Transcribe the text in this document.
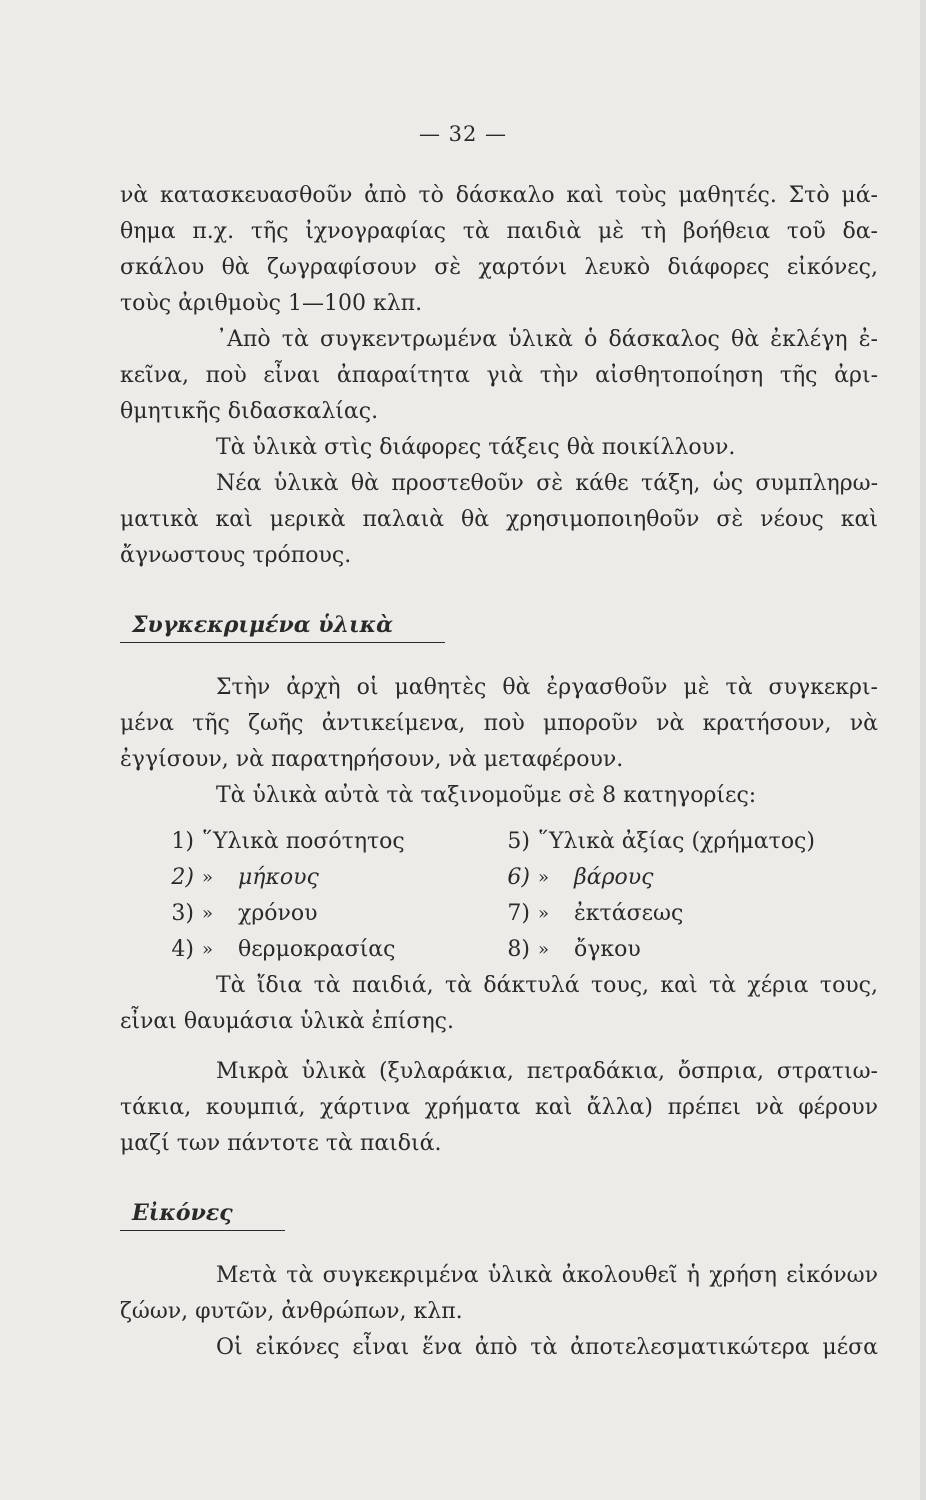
— 32 —

νὰ κατασκευασθοῦν ἀπὸ τὸ δάσκαλο καὶ τοὺς μαθητές. Στὸ μά-

θημα π.χ. τῆς ἰχνογραφίας τὰ παιδιὰ μὲ τὴ βοήθεια τοῦ δα-

σκάλου θὰ ζωγραφίσουν σὲ χαρτόνι λευκὸ διάφορες εἰκόνες,

τοὺς ἀριθμοὺς 1—100 κλπ.

᾿Απὸ τὰ συγκεντρωμένα ὑλικὰ ὁ δάσκαλος θὰ ἐκλέγη ἐ-

κεῖνα, ποὺ εἶναι ἀπαραίτητα γιὰ τὴν αἰσθητοποίηση τῆς ἀρι-

θμητικῆς διδασκαλίας.

Τὰ ὑλικὰ στὶς διάφορες τάξεις θὰ ποικίλλουν.

Νέα ὑλικὰ θὰ προστεθοῦν σὲ κάθε τάξη, ὡς συμπληρω-

ματικὰ καὶ μερικὰ παλαιὰ θὰ χρησιμοποιηθοῦν σὲ νέους καὶ

ἄγνωστους τρόπους.

Συγκεκριμένα ὑλικὰ

Στὴν ἀρχὴ οἱ μαθητὲς θὰ ἐργασθοῦν μὲ τὰ συγκεκρι-

μένα τῆς ζωῆς ἀντικείμενα, ποὺ μποροῦν νὰ κρατήσουν, νὰ

ἐγγίσουν, νὰ παρατηρήσουν, νὰ μεταφέρουν.

Τὰ ὑλικὰ αὐτὰ τὰ ταξινομοῦμε σὲ 8 κατηγορίες:

1) ῞Υλικὰ ποσότητος	5) ῞Υλικὰ ἀξίας (χρήματος)
2) »	μήκους	6) »	βάρους
3) »	χρόνου	7) »	ἐκτάσεως
4) »	θερμοκρασίας	8) »	ὄγκου

Τὰ ἴδια τὰ παιδιά, τὰ δάκτυλά τους, καὶ τὰ χέρια τους,

εἶναι θαυμάσια ὑλικὰ ἐπίσης.

Μικρὰ ὑλικὰ (ξυλαράκια, πετραδάκια, ὄσπρια, στρατιω-

τάκια, κουμπιά, χάρτινα χρήματα καὶ ἄλλα) πρέπει νὰ φέρουν

μαζί των πάντοτε τὰ παιδιά.

Εἰκόνες

Μετὰ τὰ συγκεκριμένα ὑλικὰ ἀκολουθεῖ ἡ χρήση εἰκόνων

ζώων, φυτῶν, ἀνθρώπων, κλπ.

Οἱ εἰκόνες εἶναι ἕνα ἀπὸ τὰ ἀποτελεσματικώτερα μέσα
